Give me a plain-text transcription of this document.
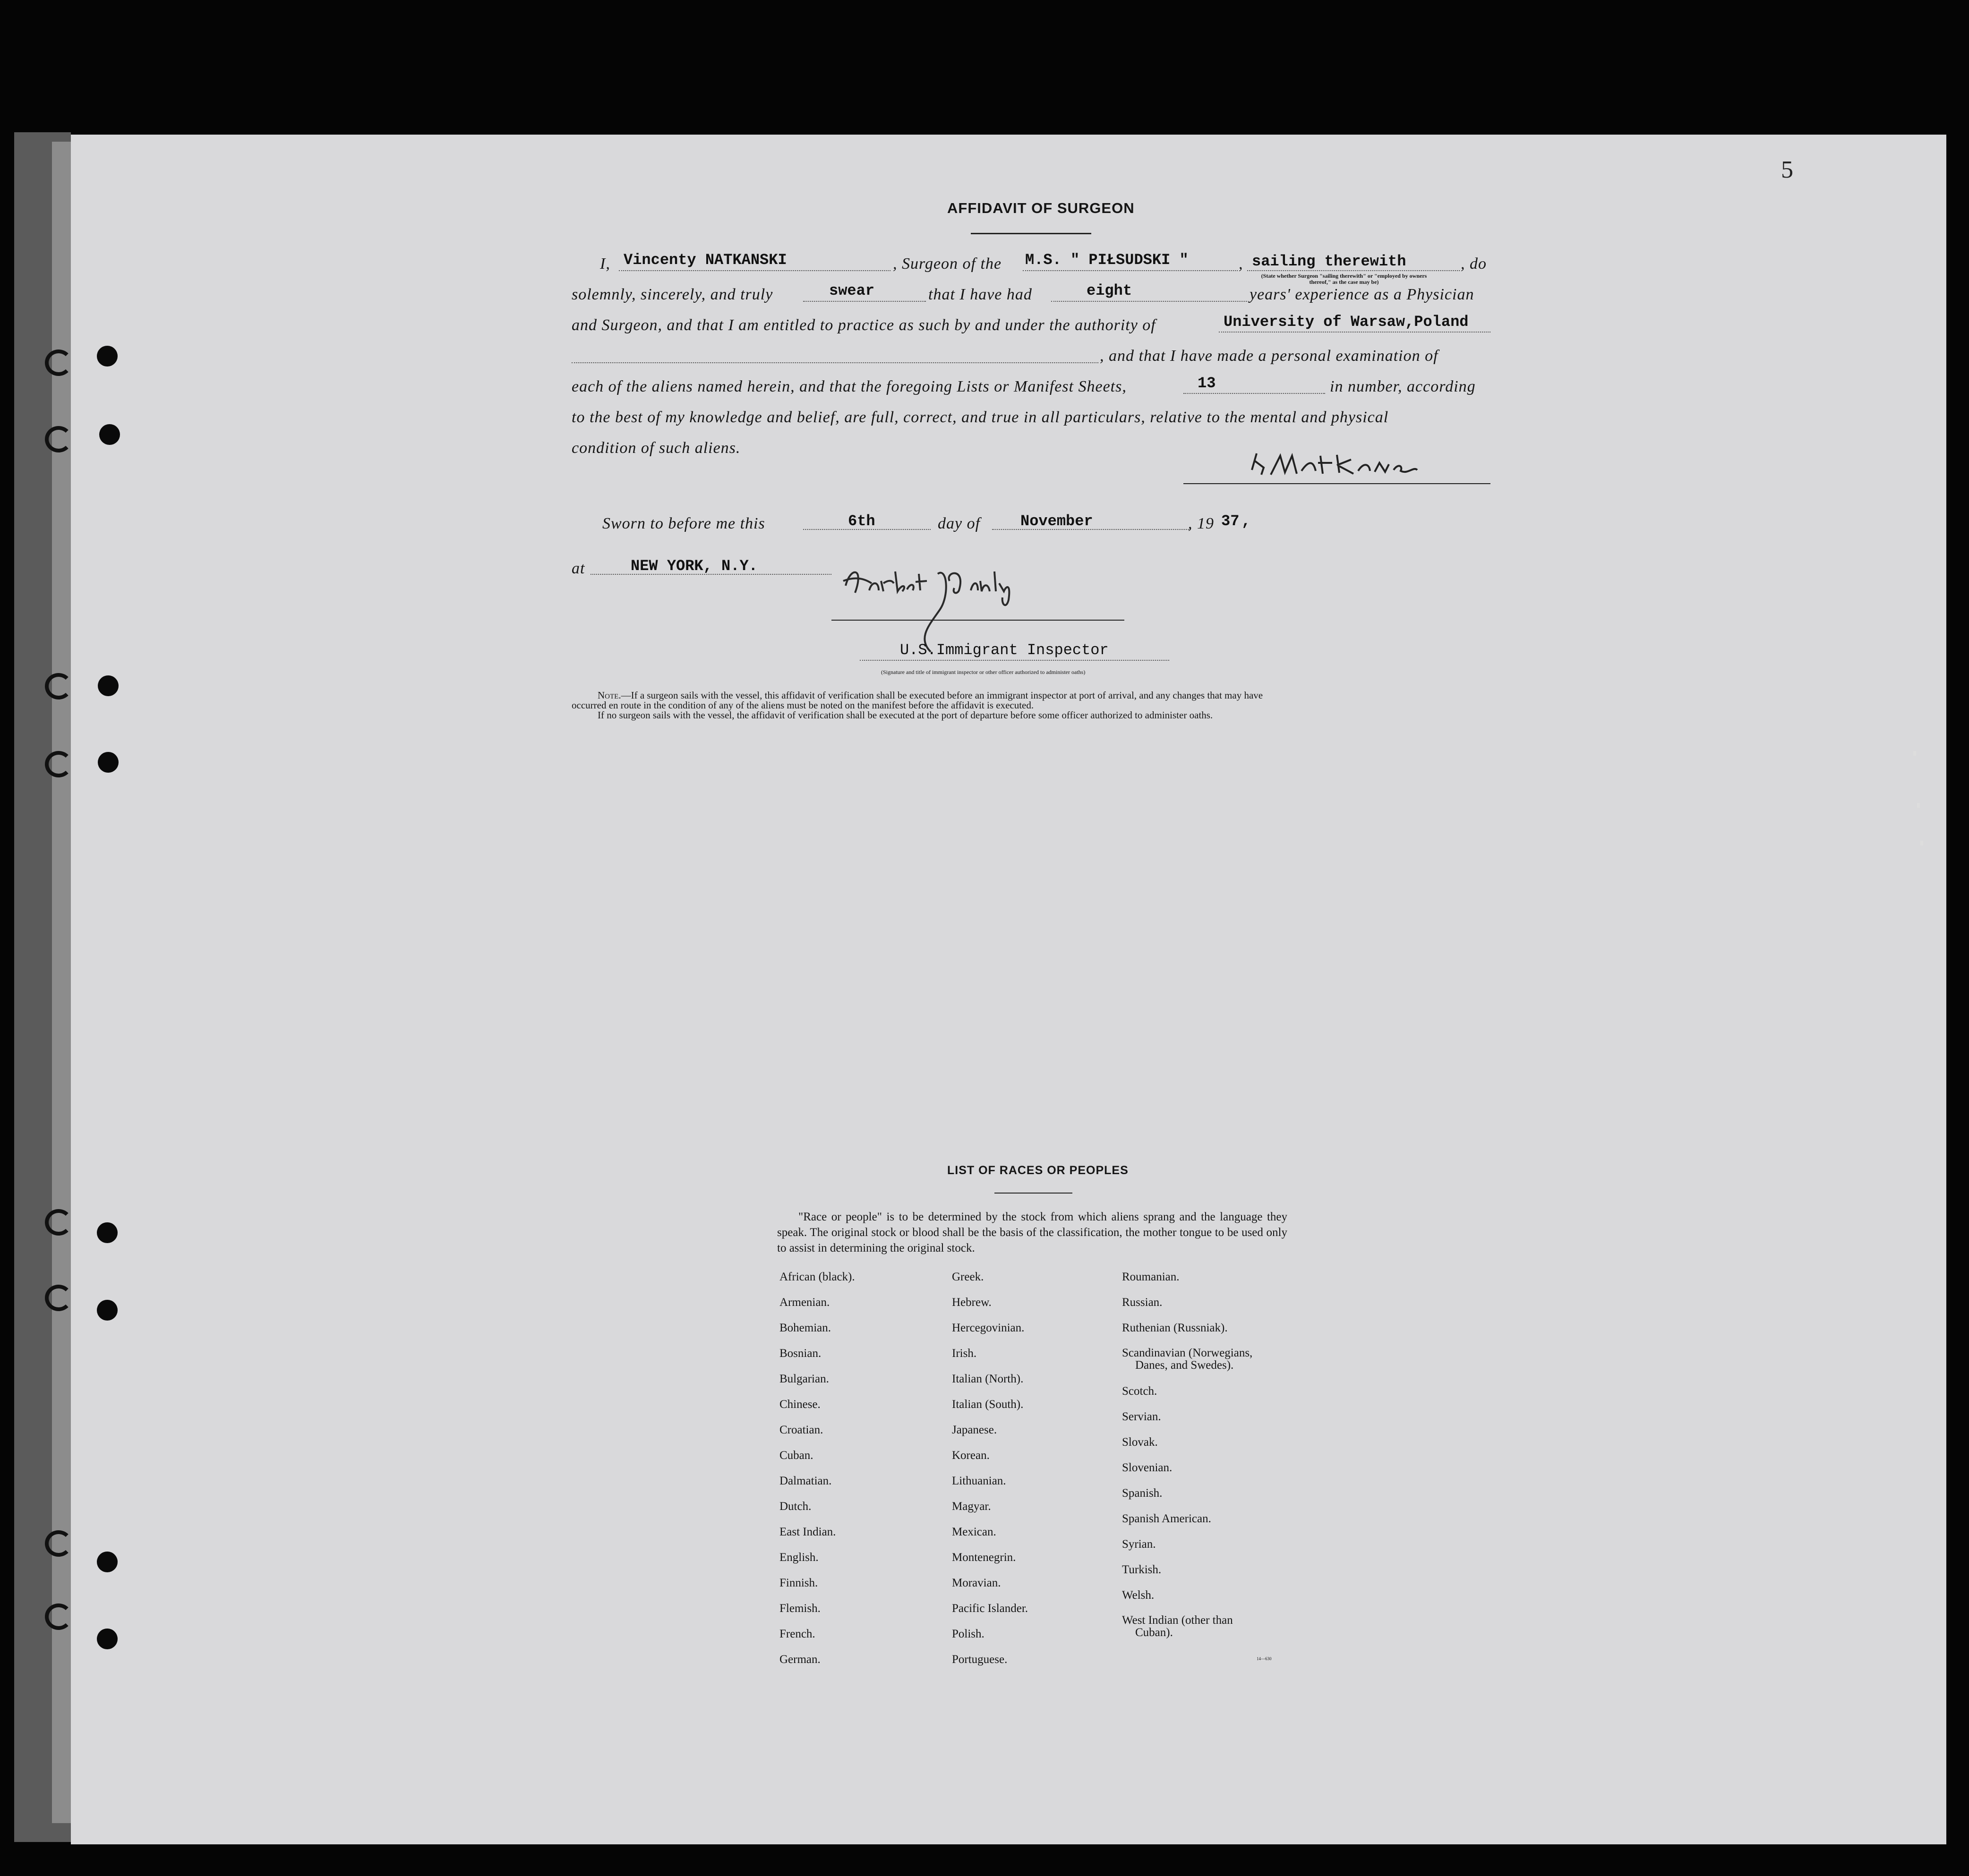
5
AFFIDAVIT OF SURGEON
I, Vincenty NATKANSKI	, Surgeon of the M.S. " PIŁSUDSKI "	, sailing therewith	, do
(State whether Surgeon "sailing therewith" or "employed by owners thereof," as the case may be)
solemnly, sincerely, and truly	swear	that I have had	eight	years' experience as a Physician
and Surgeon, and that I am entitled to practice as such by and under the authority of	University of Warsaw,Poland
, and that I have made a personal examination of
each of the aliens named herein, and that the foregoing Lists or Manifest Sheets,	13	in number, according
to the best of my knowledge and belief, are full, correct, and true in all particulars, relative to the mental and physical
condition of such aliens.
Sworn to before me this	6th	day of	November	, 19 37 ,
at	NEW YORK, N.Y.
U.S.Immigrant Inspector
(Signature and title of immigrant inspector or other officer authorized to administer oaths)
Note.—If a surgeon sails with the vessel, this affidavit of verification shall be executed before an immigrant inspector at port of arrival, and any changes that may have
occurred en route in the condition of any of the aliens must be noted on the manifest before the affidavit is executed.
If no surgeon sails with the vessel, the affidavit of verification shall be executed at the port of departure before some officer authorized to administer oaths.
LIST OF RACES OR PEOPLES
"Race or people" is to be determined by the stock from which aliens sprang and the language they speak. The original stock or blood shall be the basis of the classification, the mother tongue to be used only to assist in determining the original stock.
African (black).
Armenian.
Bohemian.
Bosnian.
Bulgarian.
Chinese.
Croatian.
Cuban.
Dalmatian.
Dutch.
East Indian.
English.
Finnish.
Flemish.
French.
German.
Greek.
Hebrew.
Hercegovinian.
Irish.
Italian (North).
Italian (South).
Japanese.
Korean.
Lithuanian.
Magyar.
Mexican.
Montenegrin.
Moravian.
Pacific Islander.
Polish.
Portuguese.
Roumanian.
Russian.
Ruthenian (Russniak).
Scandinavian (Norwegians,
Danes, and Swedes).
Scotch.
Servian.
Slovak.
Slovenian.
Spanish.
Spanish American.
Syrian.
Turkish.
Welsh.
West Indian (other than
Cuban).
14—630
